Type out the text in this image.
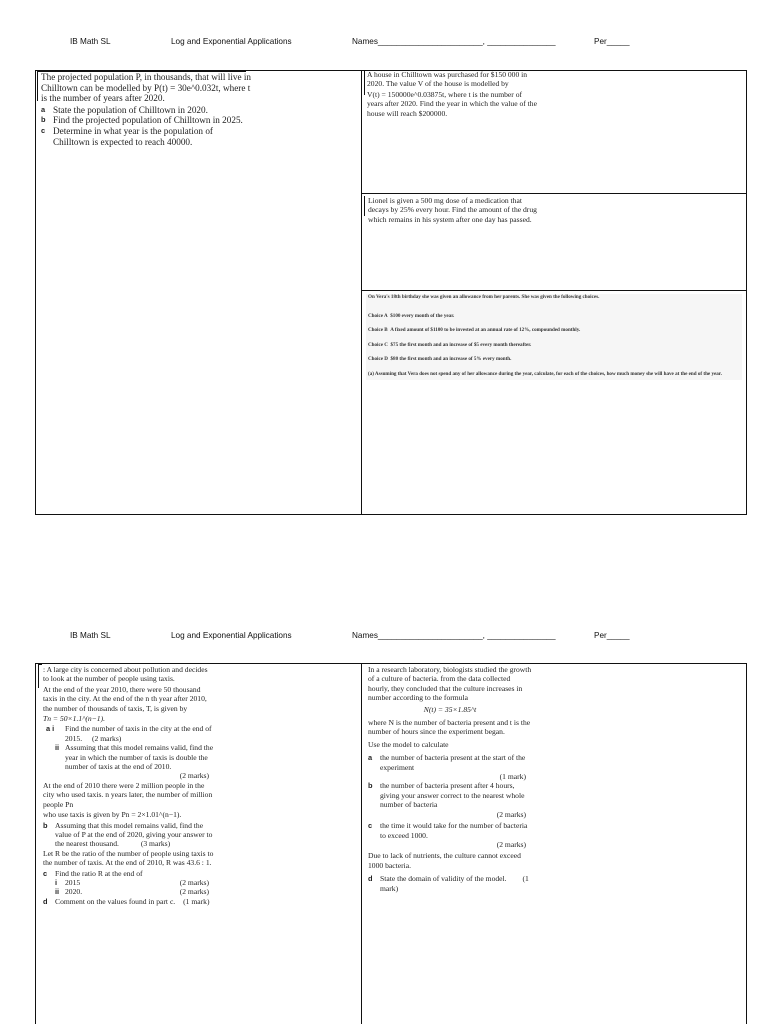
IB Math SL	Log and Exponential Applications	Names_______________________, _______________	Per_____

The projected population P, in thousands, that will live in Chilltown can be modelled by P(t) = 30e^0.032t, where t is the number of years after 2020.

a State the population of Chilltown in 2020.
b Find the projected population of Chilltown in 2025.
c Determine in what year is the population of Chilltown is expected to reach 40000.

A house in Chilltown was purchased for $150 000 in 2020. The value V of the house is modelled by

V(t) = 150000e^0.03875t, where t is the number of years after 2020. Find the year in which the value of the house will reach $200000.

Lionel is given a 500 mg dose of a medication that decays by 25% every hour. Find the amount of the drug which remains in his system after one day has passed.

On Vera's 18th birthday she was given an allowance from her parents. She was given the following choices.

Choice A $100 every month of the year.

Choice B A fixed amount of $1100 to be invested at an annual rate of 12%, compounded monthly.

Choice C $75 the first month and an increase of $5 every month thereafter.

Choice D $80 the first month and an increase of 5% every month.

(a) Assuming that Vera does not spend any of her allowance during the year, calculate, for each of the choices, how much money she will have at the end of the year.

IB Math SL	Log and Exponential Applications	Names_______________________, _______________	Per_____

: A large city is concerned about pollution and decides to look at the number of people using taxis.

At the end of the year 2010, there were 50 thousand taxis in the city. At the end of the n th year after 2010, the number of thousands of taxis, T, is given by

Tn = 50×1.1^(n−1).

a i Find the number of taxis in the city at the end of 2015. (2 marks)
ii Assuming that this model remains valid, find the year in which the number of taxis is double the number of taxis at the end of 2010.
(2 marks)

At the end of 2010 there were 2 million people in the city who used taxis. n years later, the number of million people Pn

who use taxis is given by Pn = 2×1.01^(n−1).

b Assuming that this model remains valid, find the value of P at the end of 2020, giving your answer to the nearest thousand.	(3 marks)

Let R be the ratio of the number of people using taxis to the number of taxis. At the end of 2010, R was 43.6 : 1.

c Find the ratio R at the end of
i 2015	(2 marks)
ii 2020.	(2 marks)
d Comment on the values found in part c. (1 mark)

In a research laboratory, biologists studied the growth of a culture of bacteria. from the data collected hourly, they concluded that the culture increases in number according to the formula

N(t) = 35×1.85^t

where N is the number of bacteria present and t is the number of hours since the experiment began.

Use the model to calculate

a the number of bacteria present at the start of the experiment
(1 mark)
b the number of bacteria present after 4 hours, giving your answer correct to the nearest whole number of bacteria
(2 marks)
c the time it would take for the number of bacteria to exceed 1000.
(2 marks)

Due to lack of nutrients, the culture cannot exceed 1000 bacteria.

d State the domain of validity of the model. (1 mark)
